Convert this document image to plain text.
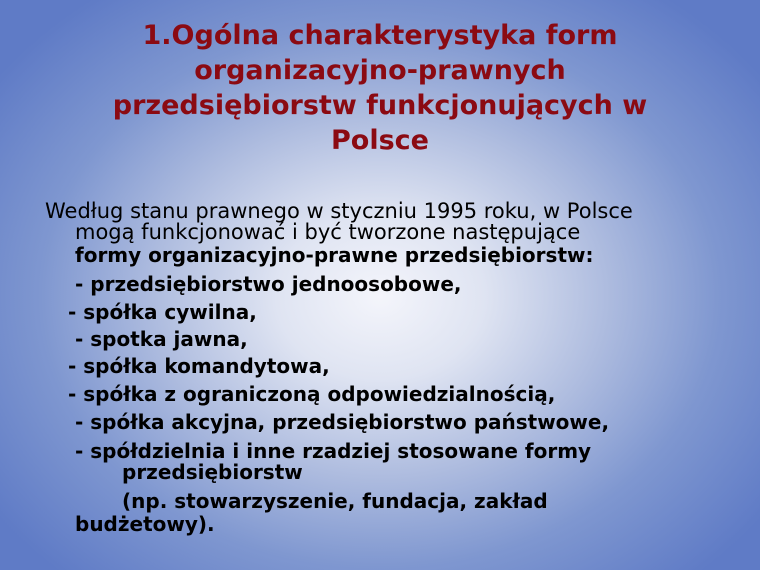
1.Ogólna charakterystyka form
organizacyjno-prawnych
przedsiębiorstw funkcjonujących w
Polsce
Według stanu prawnego w styczniu 1995 roku, w Polsce
mogą funkcjonować i być tworzone następujące
formy organizacyjno-prawne przedsiębiorstw:
- przedsiębiorstwo jednoosobowe,
- spółka cywilna,
- spotka jawna,
- spółka komandytowa,
- spółka z ograniczoną odpowiedzialnością,
- spółka akcyjna, przedsiębiorstwo państwowe,
- spółdzielnia i inne rzadziej stosowane formy
przedsiębiorstw
(np. stowarzyszenie, fundacja, zakład
budżetowy).
